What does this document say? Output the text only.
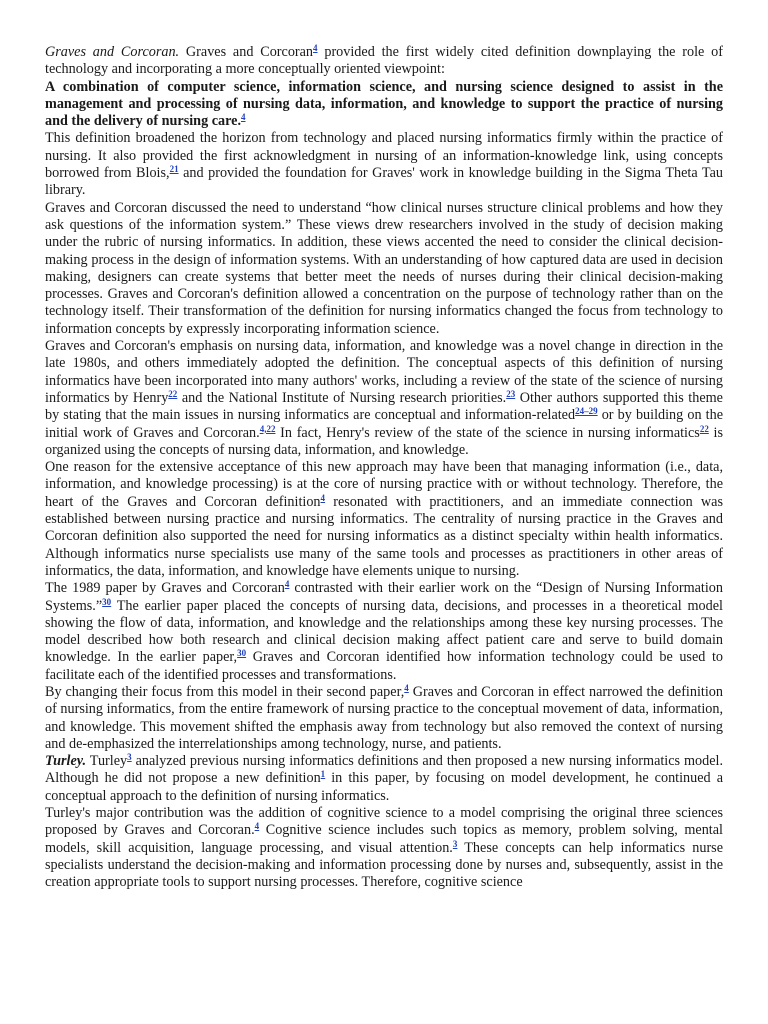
Graves and Corcoran. Graves and Corcoran$^4$ provided the first widely cited definition downplaying the role of technology and incorporating a more conceptually oriented viewpoint:

A combination of computer science, information science, and nursing science designed to assist in the management and processing of nursing data, information, and knowledge to support the practice of nursing and the delivery of nursing care.$^4$

This definition broadened the horizon from technology and placed nursing informatics firmly within the practice of nursing. It also provided the first acknowledgment in nursing of an information-knowledge link, using concepts borrowed from Blois,$^{21}$ and provided the foundation for Graves' work in knowledge building in the Sigma Theta Tau library.

Graves and Corcoran discussed the need to understand “how clinical nurses structure clinical problems and how they ask questions of the information system.” These views drew researchers involved in the study of decision making under the rubric of nursing informatics. In addition, these views accented the need to consider the clinical decision-making process in the design of information systems. With an understanding of how captured data are used in decision making, designers can create systems that better meet the needs of nurses during their clinical decision-making processes. Graves and Corcoran's definition allowed a concentration on the purpose of technology rather than on the technology itself. Their transformation of the definition for nursing informatics changed the focus from technology to information concepts by expressly incorporating information science.

Graves and Corcoran's emphasis on nursing data, information, and knowledge was a novel change in direction in the late 1980s, and others immediately adopted the definition. The conceptual aspects of this definition of nursing informatics have been incorporated into many authors' works, including a review of the state of the science of nursing informatics by Henry$^{22}$ and the National Institute of Nursing research priorities.$^{23}$ Other authors supported this theme by stating that the main issues in nursing informatics are conceptual and information-related$^{24-29}$ or by building on the initial work of Graves and Corcoran.$^{4,22}$ In fact, Henry's review of the state of the science in nursing informatics$^{22}$ is organized using the concepts of nursing data, information, and knowledge.

One reason for the extensive acceptance of this new approach may have been that managing information (i.e., data, information, and knowledge processing) is at the core of nursing practice with or without technology. Therefore, the heart of the Graves and Corcoran definition$^4$ resonated with practitioners, and an immediate connection was established between nursing practice and nursing informatics. The centrality of nursing practice in the Graves and Corcoran definition also supported the need for nursing informatics as a distinct specialty within health informatics. Although informatics nurse specialists use many of the same tools and processes as practitioners in other areas of informatics, the data, information, and knowledge have elements unique to nursing.

The 1989 paper by Graves and Corcoran$^4$ contrasted with their earlier work on the “Design of Nursing Information Systems.”$^{30}$ The earlier paper placed the concepts of nursing data, decisions, and processes in a theoretical model showing the flow of data, information, and knowledge and the relationships among these key nursing processes. The model described how both research and clinical decision making affect patient care and serve to build domain knowledge. In the earlier paper,$^{30}$ Graves and Corcoran identified how information technology could be used to facilitate each of the identified processes and transformations.

By changing their focus from this model in their second paper,$^4$ Graves and Corcoran in effect narrowed the definition of nursing informatics, from the entire framework of nursing practice to the conceptual movement of data, information, and knowledge. This movement shifted the emphasis away from technology but also removed the context of nursing and de-emphasized the interrelationships among technology, nurse, and patients.

Turley. Turley$^3$ analyzed previous nursing informatics definitions and then proposed a new nursing informatics model. Although he did not propose a new definition$^1$ in this paper, by focusing on model development, he continued a conceptual approach to the definition of nursing informatics.

Turley's major contribution was the addition of cognitive science to a model comprising the original three sciences proposed by Graves and Corcoran.$^4$ Cognitive science includes such topics as memory, problem solving, mental models, skill acquisition, language processing, and visual attention.$^3$ These concepts can help informatics nurse specialists understand the decision-making and information processing done by nurses and, subsequently, assist in the creation appropriate tools to support nursing processes. Therefore, cognitive science
